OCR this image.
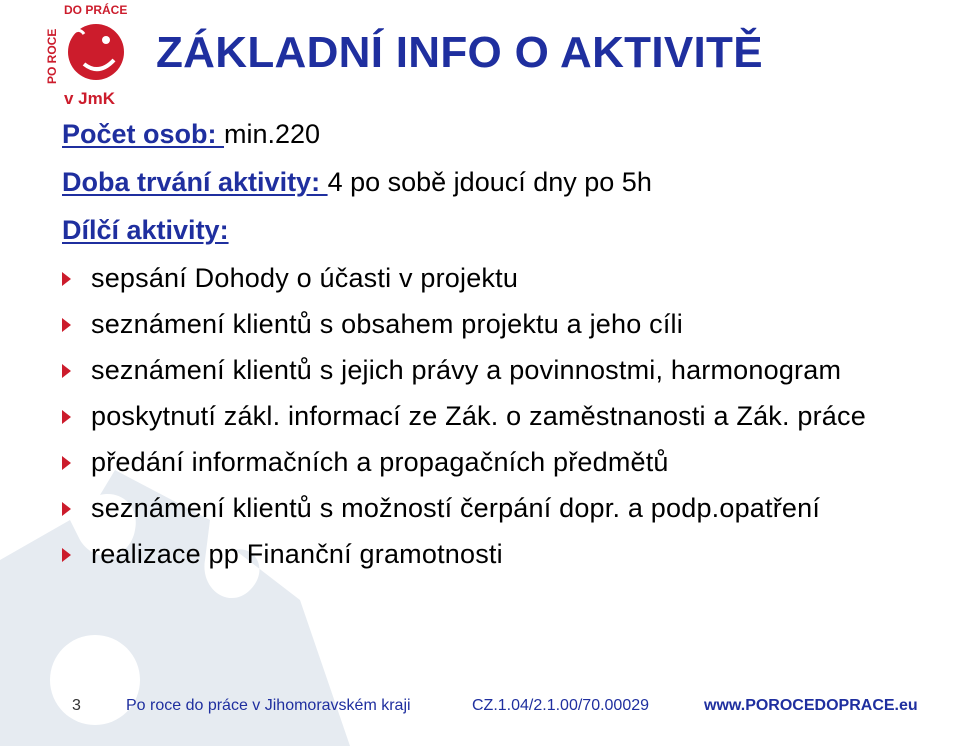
DO PRÁCE
PO ROCE
v JmK
ZÁKLADNÍ INFO O AKTIVITĚ

Počet osob: min.220

Doba trvání aktivity: 4 po sobě jdoucí dny po 5h

Dílčí aktivity:

sepsání Dohody o účasti v projektu
seznámení klientů s obsahem projektu a jeho cíli
seznámení klientů s jejich právy a povinnostmi, harmonogram
poskytnutí zákl. informací ze Zák. o zaměstnanosti a Zák. práce
předání informačních a propagačních předmětů
seznámení klientů s možností čerpání dopr. a podp.opatření
realizace pp Finanční gramotnosti
3	Po roce do práce v Jihomoravském kraji	CZ.1.04/2.1.00/70.00029	www.POROCEDOPRACE.eu
